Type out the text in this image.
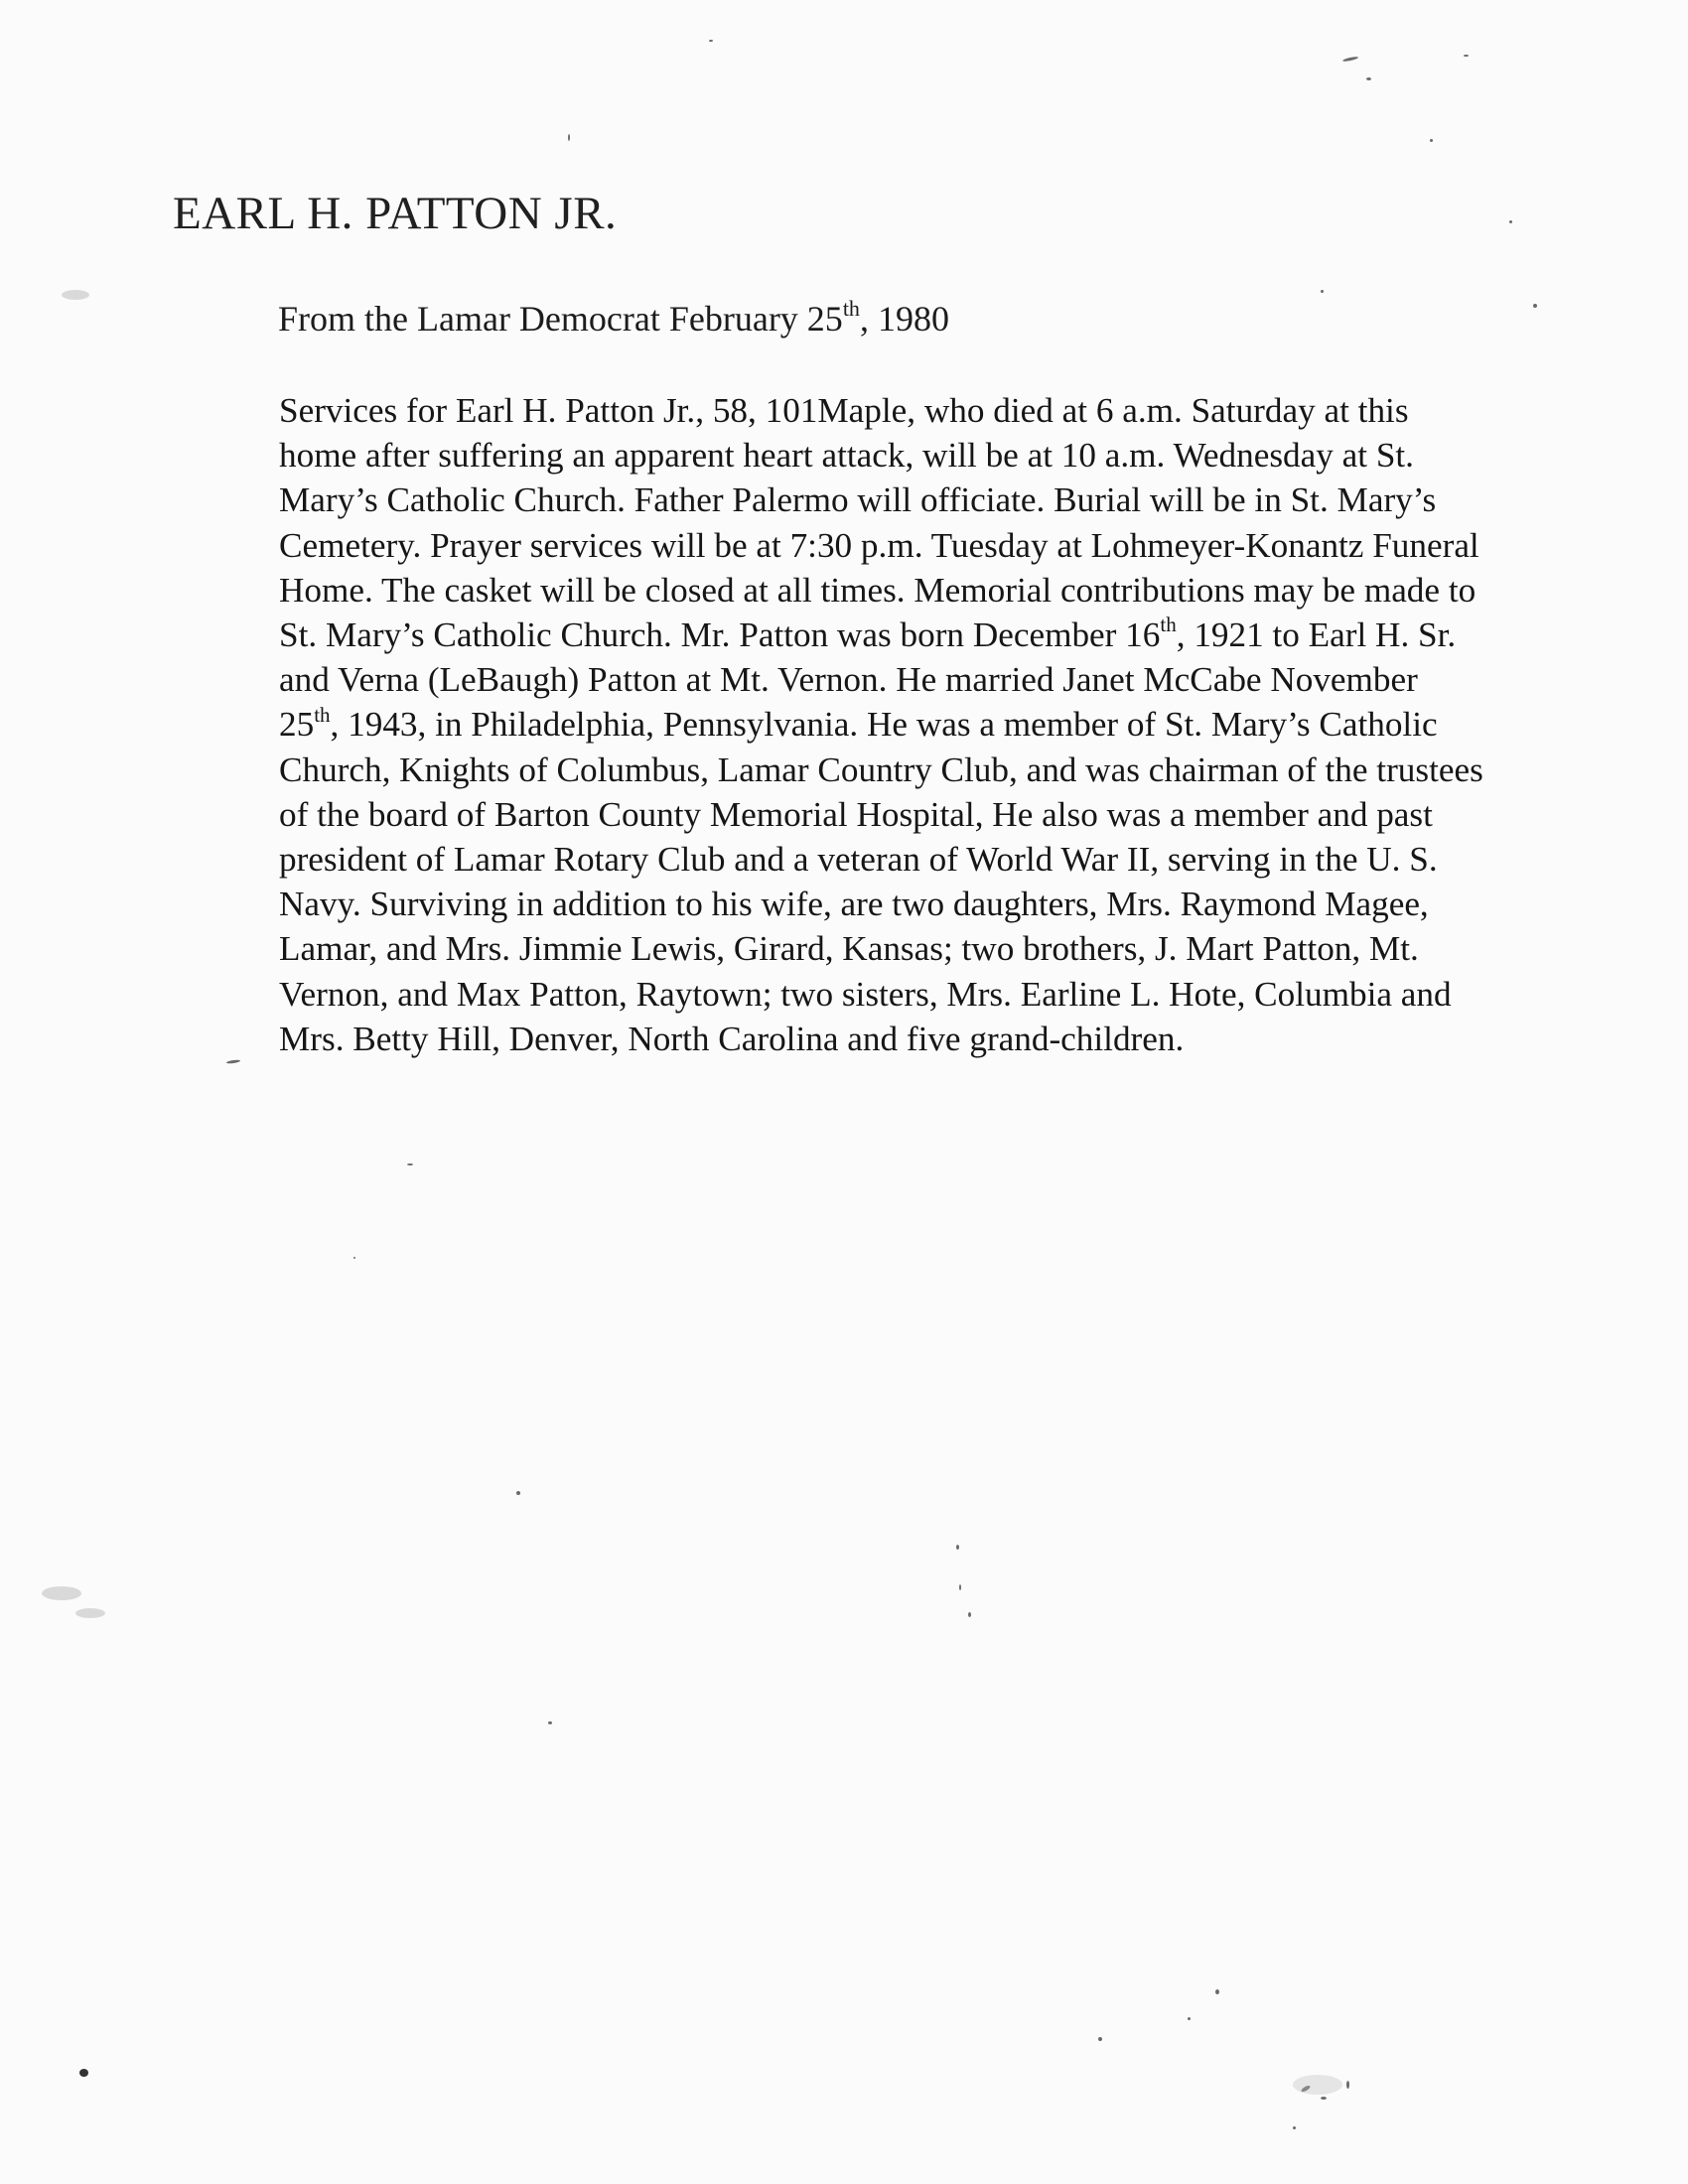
EARL H. PATTON JR.
From the Lamar Democrat February 25th, 1980
Services for Earl H. Patton Jr., 58, 101Maple, who died at 6 a.m. Saturday at this
home after suffering an apparent heart attack, will be at 10 a.m. Wednesday at St.
Mary’s Catholic Church. Father Palermo will officiate. Burial will be in St. Mary’s
Cemetery. Prayer services will be at 7:30 p.m. Tuesday at Lohmeyer-Konantz Funeral
Home. The casket will be closed at all times. Memorial contributions may be made to
St. Mary’s Catholic Church. Mr. Patton was born December 16th, 1921 to Earl H. Sr.
and Verna (LeBaugh) Patton at Mt. Vernon. He married Janet McCabe November
25th, 1943, in Philadelphia, Pennsylvania. He was a member of St. Mary’s Catholic
Church, Knights of Columbus, Lamar Country Club, and was chairman of the trustees
of the board of Barton County Memorial Hospital, He also was a member and past
president of Lamar Rotary Club and a veteran of World War II, serving in the U. S.
Navy. Surviving in addition to his wife, are two daughters, Mrs. Raymond Magee,
Lamar, and Mrs. Jimmie Lewis, Girard, Kansas; two brothers, J. Mart Patton, Mt.
Vernon, and Max Patton, Raytown; two sisters, Mrs. Earline L. Hote, Columbia and
Mrs. Betty Hill, Denver, North Carolina and five grand-children.
